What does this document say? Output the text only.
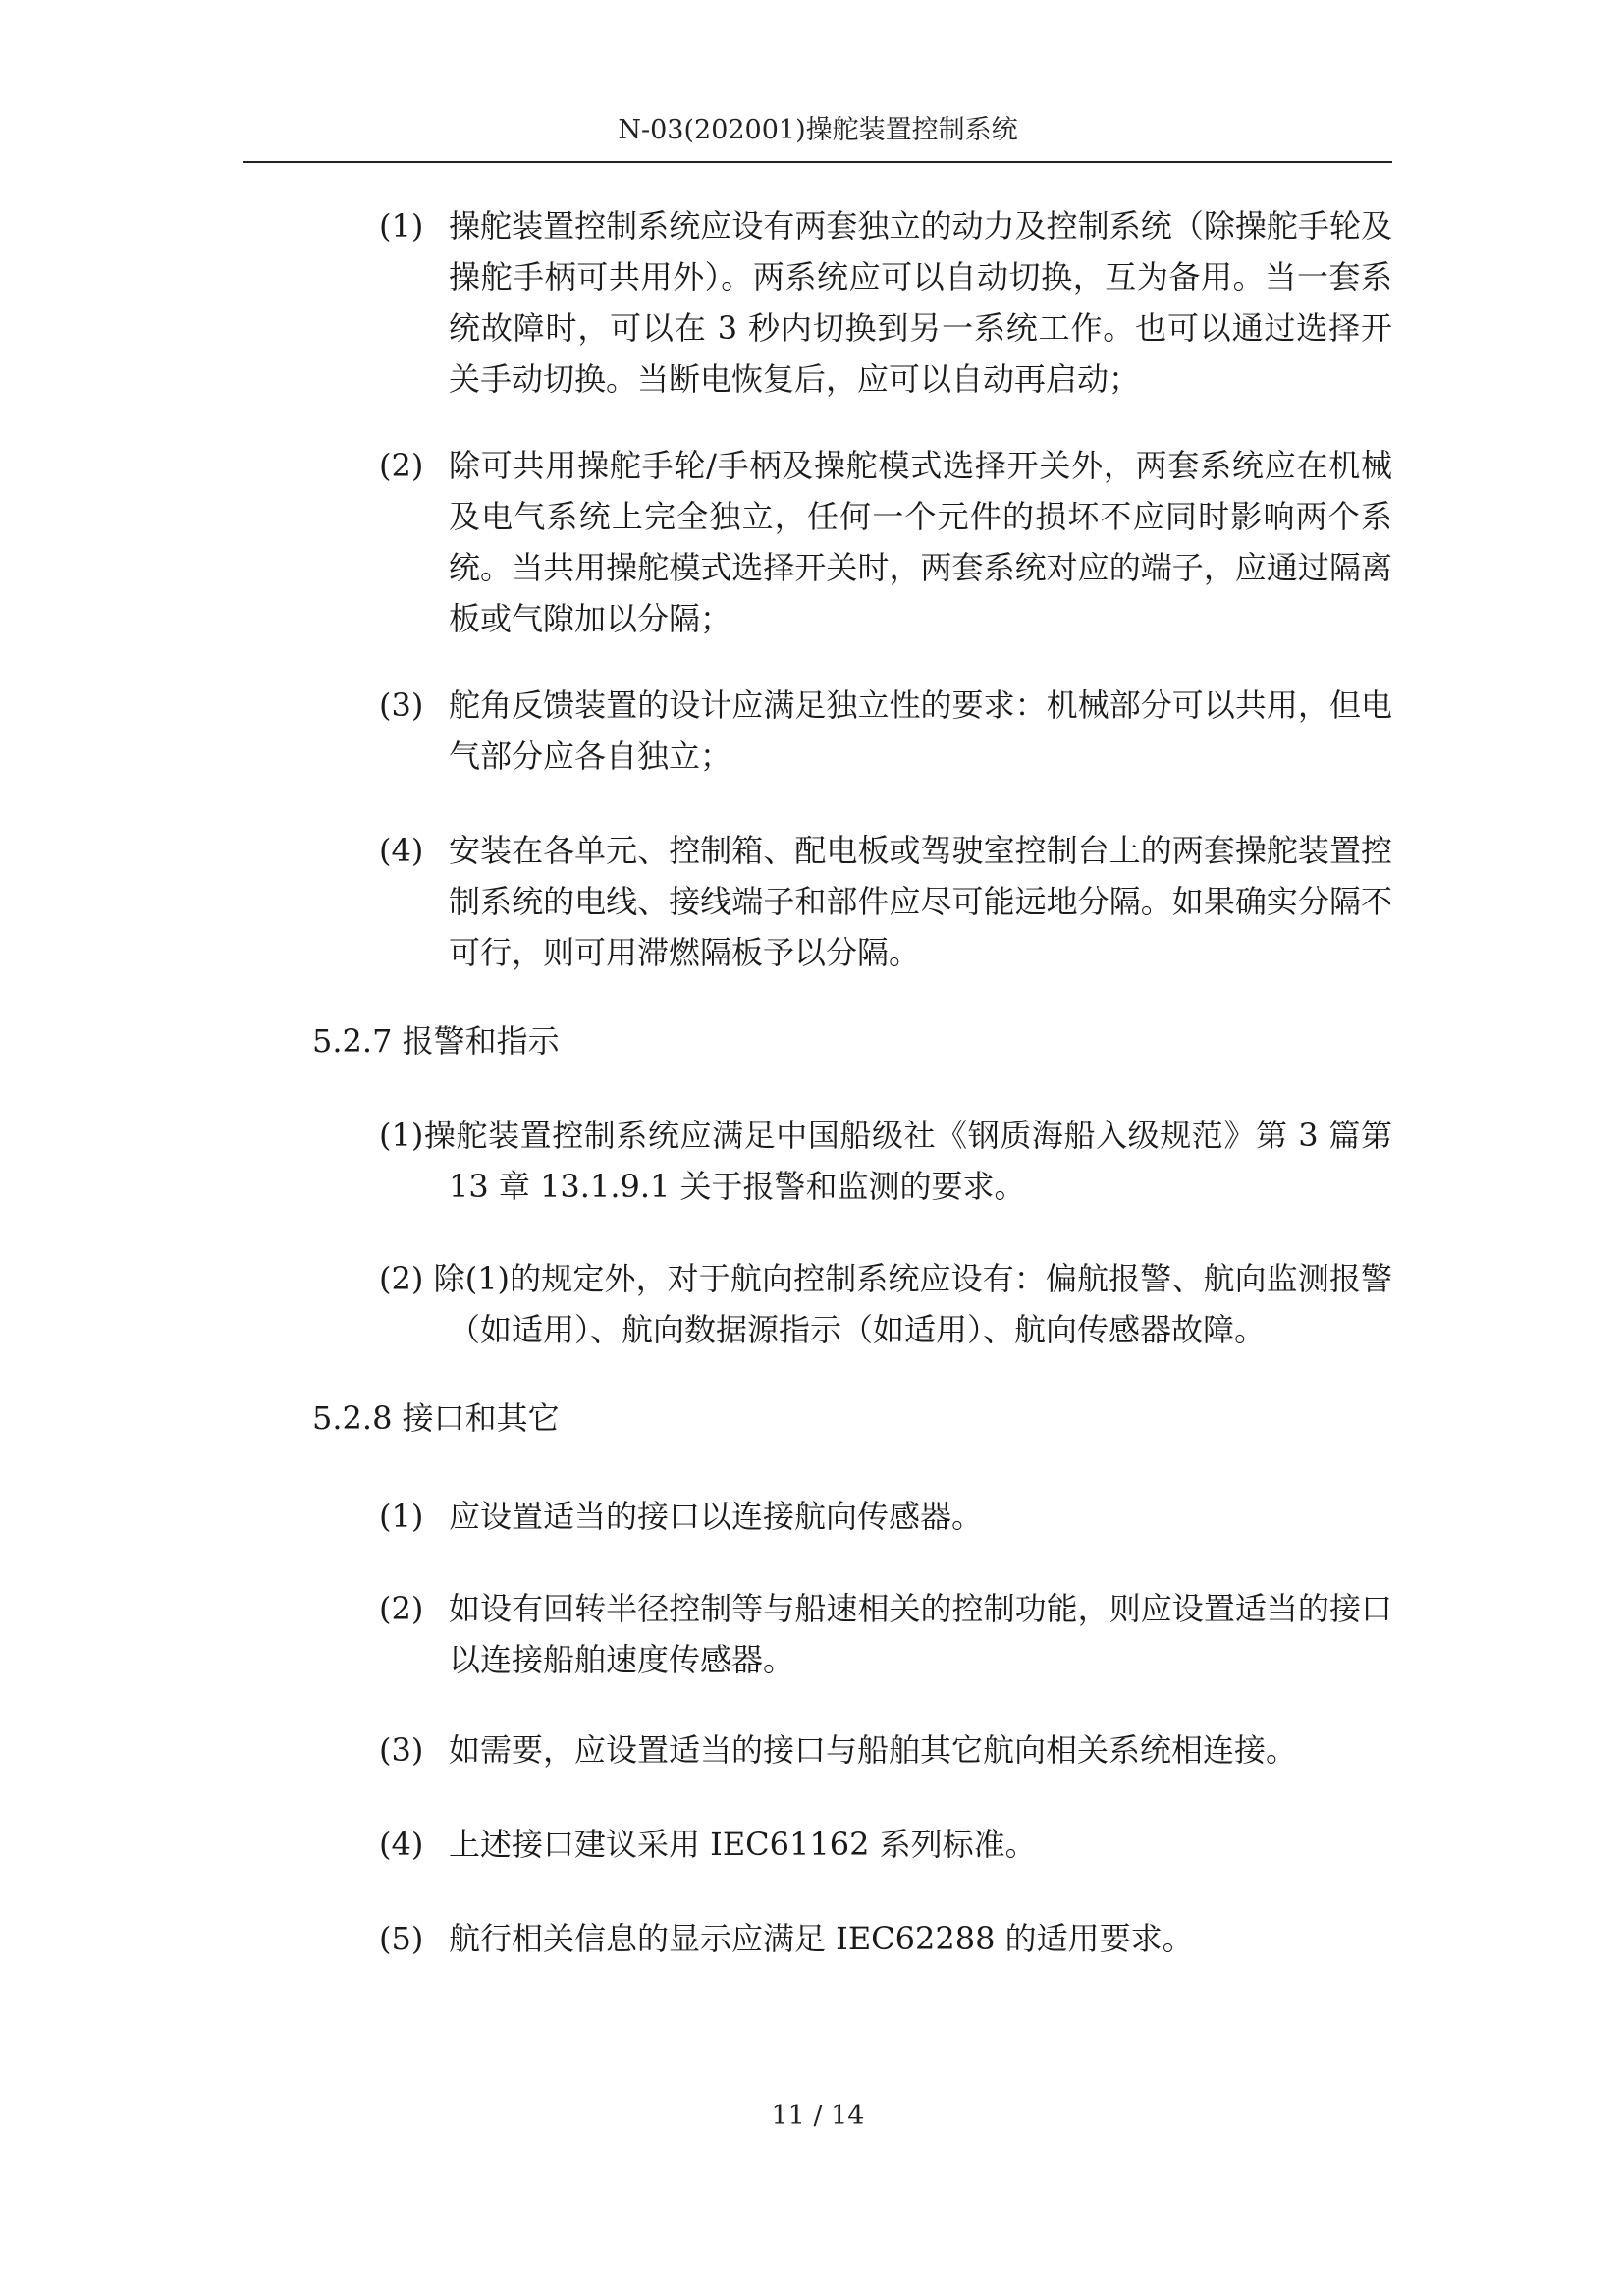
N-03(202001)操舵装置控制系统
(1) 操舵装置控制系统应设有两套独立的动力及控制系统（除操舵手轮及操舵手柄可共用外）。两系统应可以自动切换，互为备用。当一套系统故障时，可以在 3 秒内切换到另一系统工作。也可以通过选择开关手动切换。当断电恢复后，应可以自动再启动；
(2) 除可共用操舵手轮/手柄及操舵模式选择开关外，两套系统应在机械及电气系统上完全独立，任何一个元件的损坏不应同时影响两个系统。当共用操舵模式选择开关时，两套系统对应的端子，应通过隔离板或气隙加以分隔；
(3) 舵角反馈装置的设计应满足独立性的要求：机械部分可以共用，但电气部分应各自独立；
(4) 安装在各单元、控制箱、配电板或驾驶室控制台上的两套操舵装置控制系统的电线、接线端子和部件应尽可能远地分隔。如果确实分隔不可行，则可用滞燃隔板予以分隔。
5.2.7 报警和指示
(1)操舵装置控制系统应满足中国船级社《钢质海船入级规范》第 3 篇第 13 章 13.1.9.1 关于报警和监测的要求。
(2) 除(1)的规定外，对于航向控制系统应设有：偏航报警、航向监测报警（如适用）、航向数据源指示（如适用）、航向传感器故障。
5.2.8 接口和其它
(1) 应设置适当的接口以连接航向传感器。
(2) 如设有回转半径控制等与船速相关的控制功能，则应设置适当的接口以连接船舶速度传感器。
(3) 如需要，应设置适当的接口与船舶其它航向相关系统相连接。
(4) 上述接口建议采用 IEC61162 系列标准。
(5) 航行相关信息的显示应满足 IEC62288 的适用要求。
11 / 14
